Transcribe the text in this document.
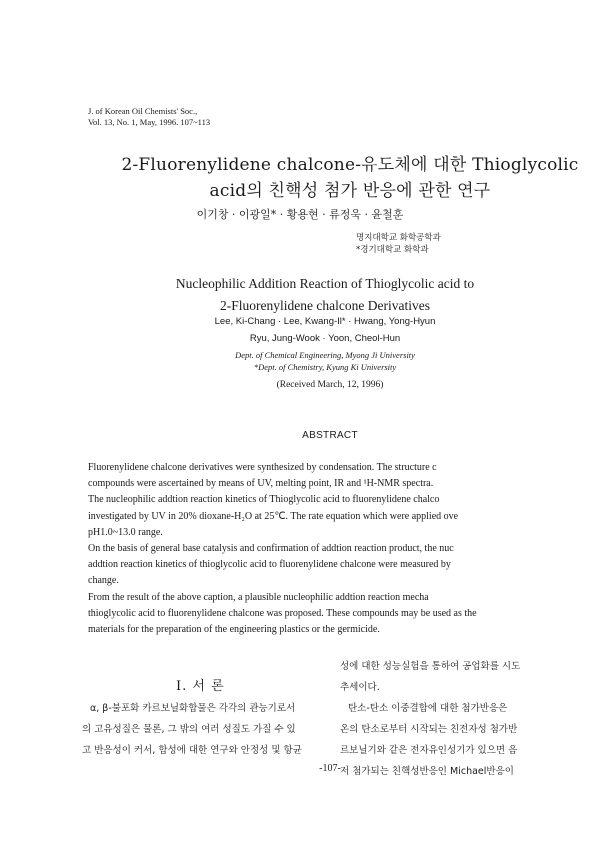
J. of Korean Oil Chemists' Soc.,
Vol. 13, No. 1, May, 1996. 107~113
2-Fluorenylidene chalcone-유도체에 대한 Thioglycolic
acid의 친핵성 첨가 반응에 관한 연구
이기창 · 이광일* · 황용현 · 류정욱 · 윤철훈
명지대학교 화학공학과
*경기대학교 화학과
Nucleophilic Addition Reaction of Thioglycolic acid to
2-Fluorenylidene chalcone Derivatives
Lee, Ki-Chang · Lee, Kwang-Il* · Hwang, Yong-Hyun
Ryu, Jung-Wook · Yoon, Cheol-Hun
Dept. of Chemical Engineering, Myong Ji University
*Dept. of Chemistry, Kyung Ki University
(Received March, 12, 1996)
ABSTRACT
Fluorenylidene chalcone derivatives were synthesized by condensation. The structure c
compounds were ascertained by means of UV, melting point, IR and ¹H-NMR spectra.
The nucleophilic addtion reaction kinetics of Thioglycolic acid to fluorenylidene chalco
investigated by UV in 20% dioxane-H₂O at 25℃. The rate equation which were applied ove
pH1.0~13.0 range.
On the basis of general base catalysis and confirmation of addtion reaction product, the nuc
addtion reaction kinetics of thioglycolic acid to fluorenylidene chalcone were measured by
change.
From the result of the above caption, a plausible nucleophilic addtion reaction mecha
thioglycolic acid to fluorenylidene chalcone was proposed. These compounds may be used as the
materials for the preparation of the engineering plastics or the germicide.
I. 서 론
α, β-불포화 카르보닐화합물은 각각의 관능기로서
의 고유성질은 물론, 그 밖의 여러 성질도 가질 수 있
고 반응성이 커서, 합성에 대한 연구와 안정성 및 항균
성에 대한 성능실험을 통하여 공업화를 시도
추세이다.
탄소-탄소 이중결합에 대한 첨가반응은
온의 탄소로부터 시작되는 친전자성 첨가반
르보닐기와 같은 전자유인성기가 있으면 음
저 첨가되는 친핵성반응인 Michael반응이
-107-
